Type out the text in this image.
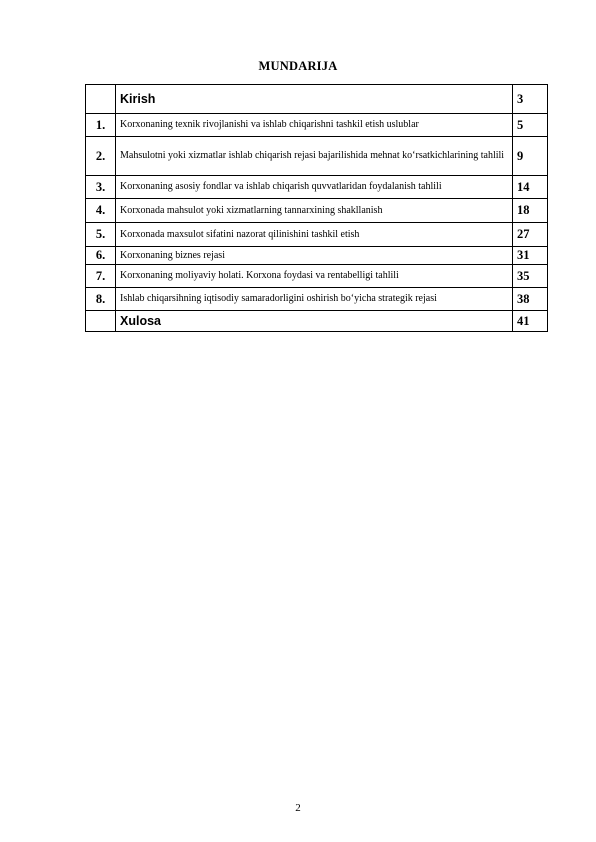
MUNDARIJA
	Kirish	3
1.	Korxonaning texnik rivojlanishi va ishlab chiqarishni tashkil etish uslublar	5
2.	Mahsulotni yoki xizmatlar ishlab chiqarish rejasi bajarilishida mehnat ko‘rsatkichlarining tahlili	9
3.	Korxonaning asosiy fondlar va ishlab chiqarish quvvatlaridan foydalanish tahlili	14
4.	Korxonada mahsulot yoki xizmatlarning tannarxining shakllanish	18
5.	Korxonada maxsulot sifatini nazorat qilinishini tashkil etish	27
6.	Korxonaning biznes rejasi	31
7.	Korxonaning moliyaviy holati. Korxona foydasi va rentabelligi tahlili	35
8.	Ishlab chiqarsihning iqtisodiy samaradorligini oshirish bo‘yicha strategik rejasi	38
	Xulosa	41
2
